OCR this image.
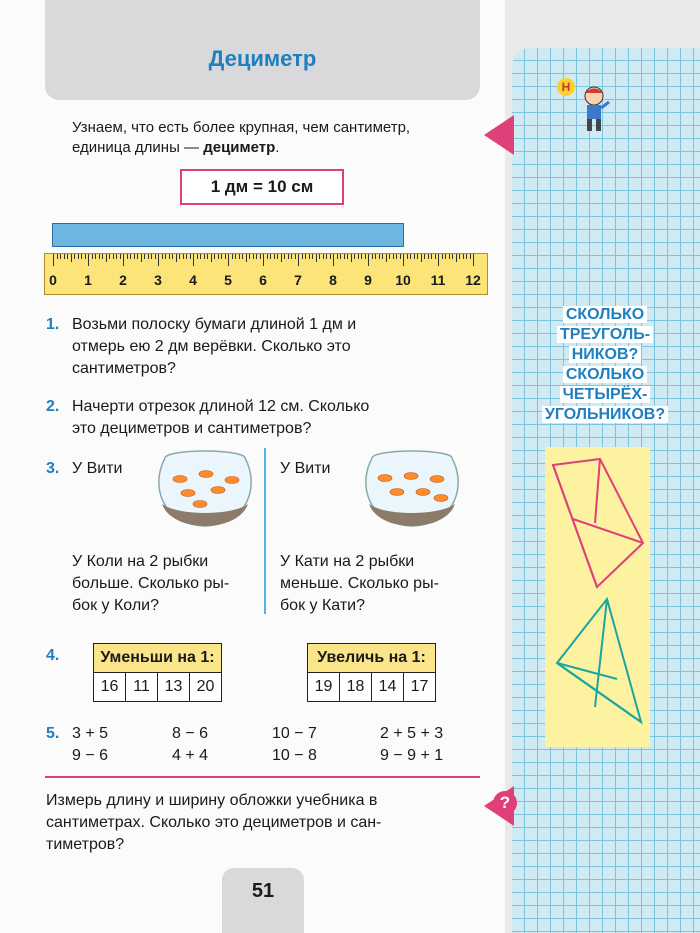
Дециметр
Узнаем, что есть более крупная, чем сантиметр,
единица длины — дециметр.
1 дм = 10 см
0 1 2 3 4 5 6 7 8 9 10 11 12
1. Возьми полоску бумаги длиной 1 дм и
отмерь ею 2 дм верёвки. Сколько это
сантиметров?
2. Начерти отрезок длиной 12 см. Сколько
это дециметров и сантиметров?
3. У Вити	У Вити
У Коли на 2 рыбки
больше. Сколько ры-
бок у Коли?
У Кати на 2 рыбки
меньше. Сколько ры-
бок у Кати?
4.	Уменьши на 1:
16	11	13	20
Увеличь на 1:
19	18	14	17
5. 3 + 5	8 − 6	10 − 7	2 + 5 + 3
9 − 6	4 + 4	10 − 8	9 − 9 + 1
Измерь длину и ширину обложки учебника в
сантиметрах. Сколько это дециметров и сан-
тиметров?
51
?
Н
СКОЛЬКО
ТРЕУГОЛЬ-
НИКОВ?
СКОЛЬКО
ЧЕТЫРЁХ-
УГОЛЬНИКОВ?
